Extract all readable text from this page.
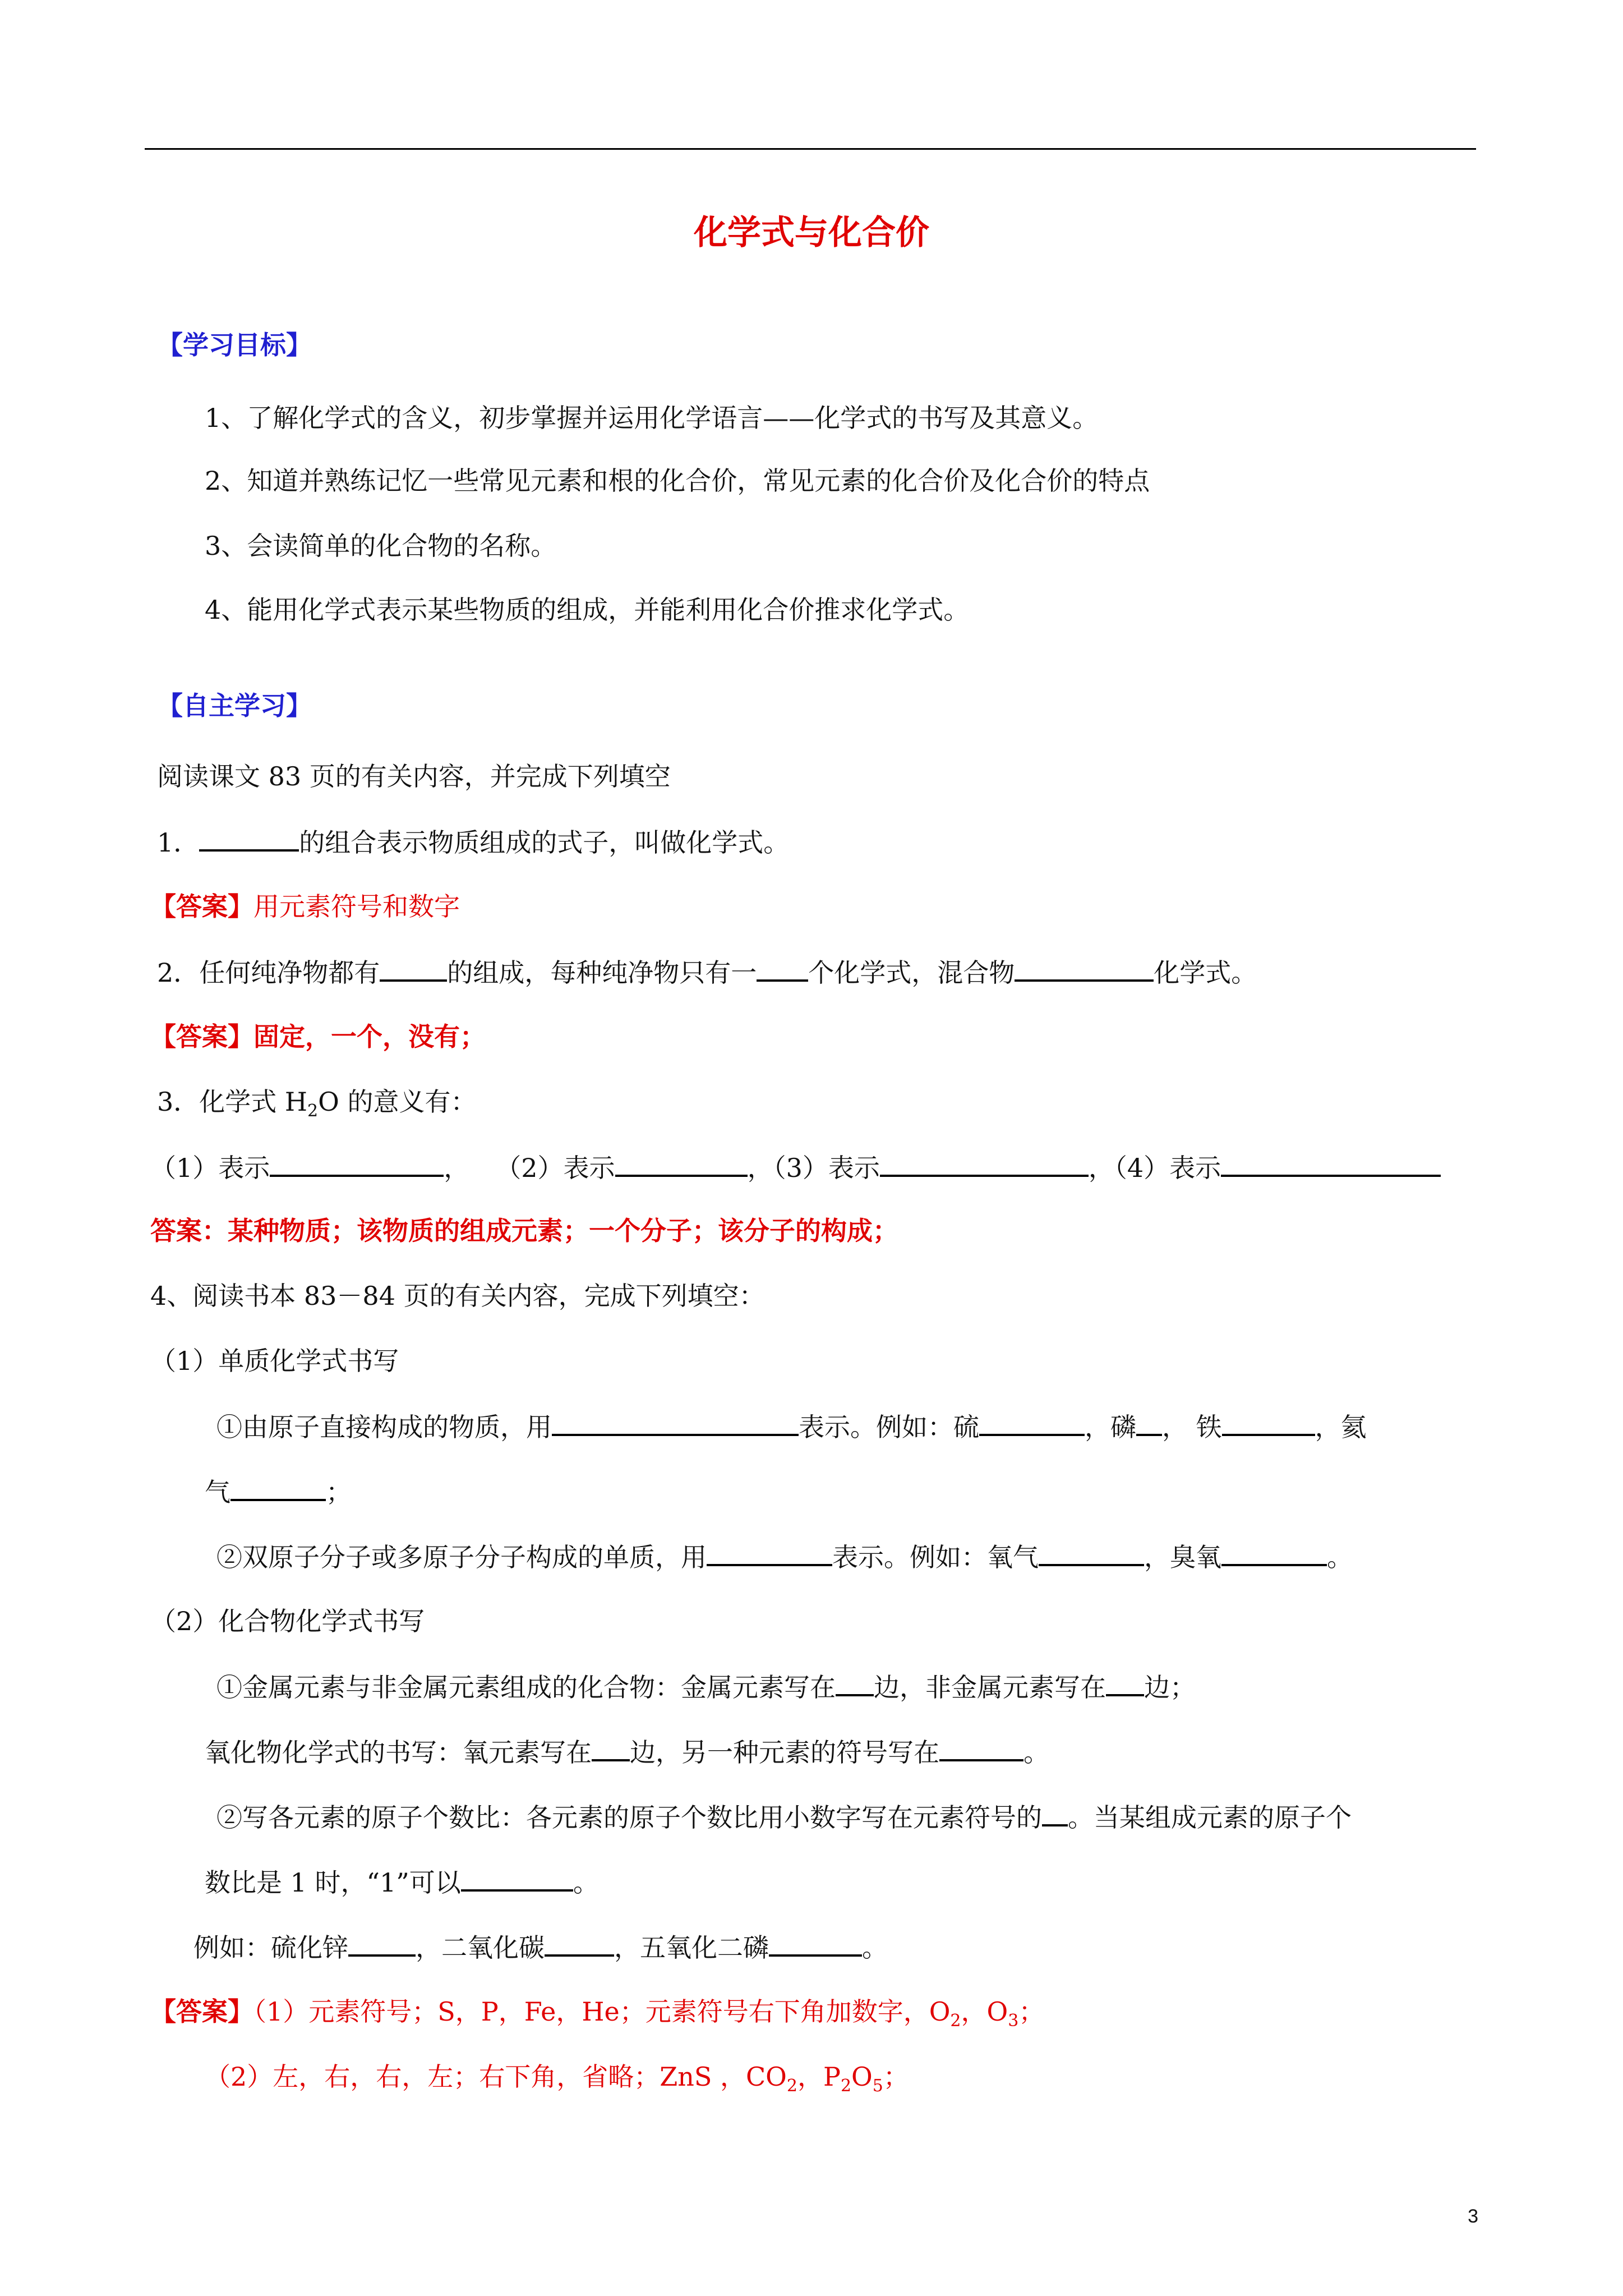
化学式与化合价
【学习目标】
1、了解化学式的含义，初步掌握并运用化学语言——化学式的书写及其意义。
2、知道并熟练记忆一些常见元素和根的化合价，常见元素的化合价及化合价的特点
3、会读简单的化合物的名称。
4、能用化学式表示某些物质的组成，并能利用化合价推求化学式。
【自主学习】
阅读课文 83 页的有关内容，并完成下列填空
1．	的组合表示物质组成的式子，叫做化学式。
【答案】用元素符号和数字
2．任何纯净物都有	的组成，每种纯净物只有一 个化学式，混合物	化学式。
【答案】固定，一个，没有；
3．化学式 $H_2O$ 的意义有：
（1）表示	， （2）表示	，（3）表示	，（4）表示
答案：某种物质；该物质的组成元素；一个分子；该分子的构成；
4、阅读书本 83－84 页的有关内容，完成下列填空：
（1）单质化学式书写
①由原子直接构成的物质，用	表示。例如：硫	，磷 ， 铁	，氦
气	；
②双原子分子或多原子分子构成的单质，用	表示。例如：氧气	，臭氧	。
（2）化合物化学式书写
①金属元素与非金属元素组成的化合物：金属元素写在 边，非金属元素写在 边；
氧化物化学式的书写：氧元素写在 边，另一种元素的符号写在	。
②写各元素的原子个数比：各元素的原子个数比用小数字写在元素符号的 。当某组成元素的原子个
数比是 1 时，“1”可以	。
例如：硫化锌	，二氧化碳	，五氧化二磷	。
【答案】（1）元素符号；S，P，Fe，He；元素符号右下角加数字，$O_2$，$O_3$；
（2）左，右，右，左；右下角，省略；ZnS ，$CO_2$，$P_2O_5$；
3
